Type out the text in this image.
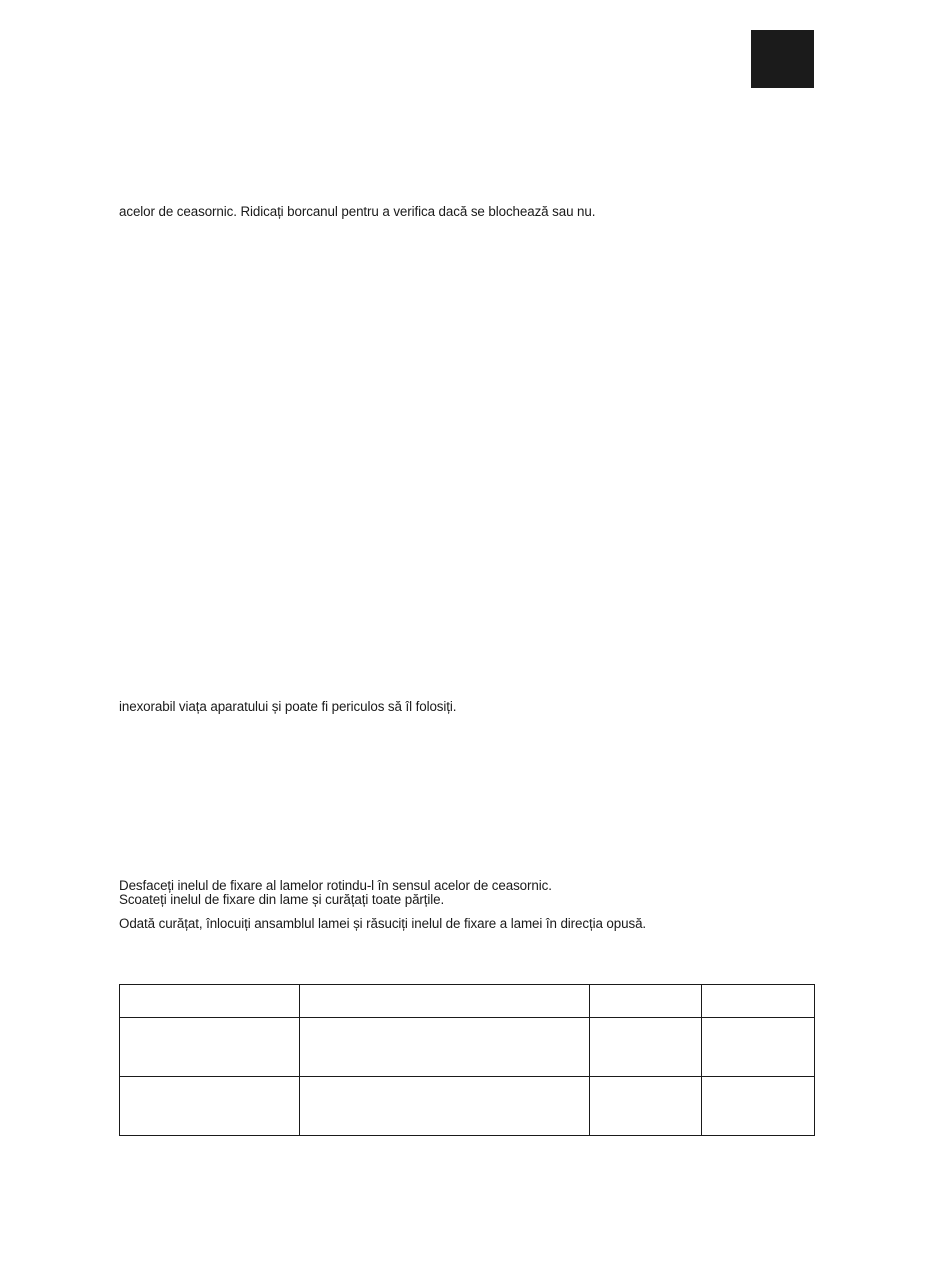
acelor de ceasornic. Ridicați borcanul pentru a verifica dacă se blochează sau nu.

inexorabil viața aparatului și poate fi periculos să îl folosiți.

Desfaceți inelul de fixare al lamelor rotindu-l în sensul acelor de ceasornic.

Scoateți inelul de fixare din lame și curățați toate părțile.

Odată curățat, înlocuiți ansamblul lamei și răsuciți inelul de fixare a lamei în direcția opusă.
